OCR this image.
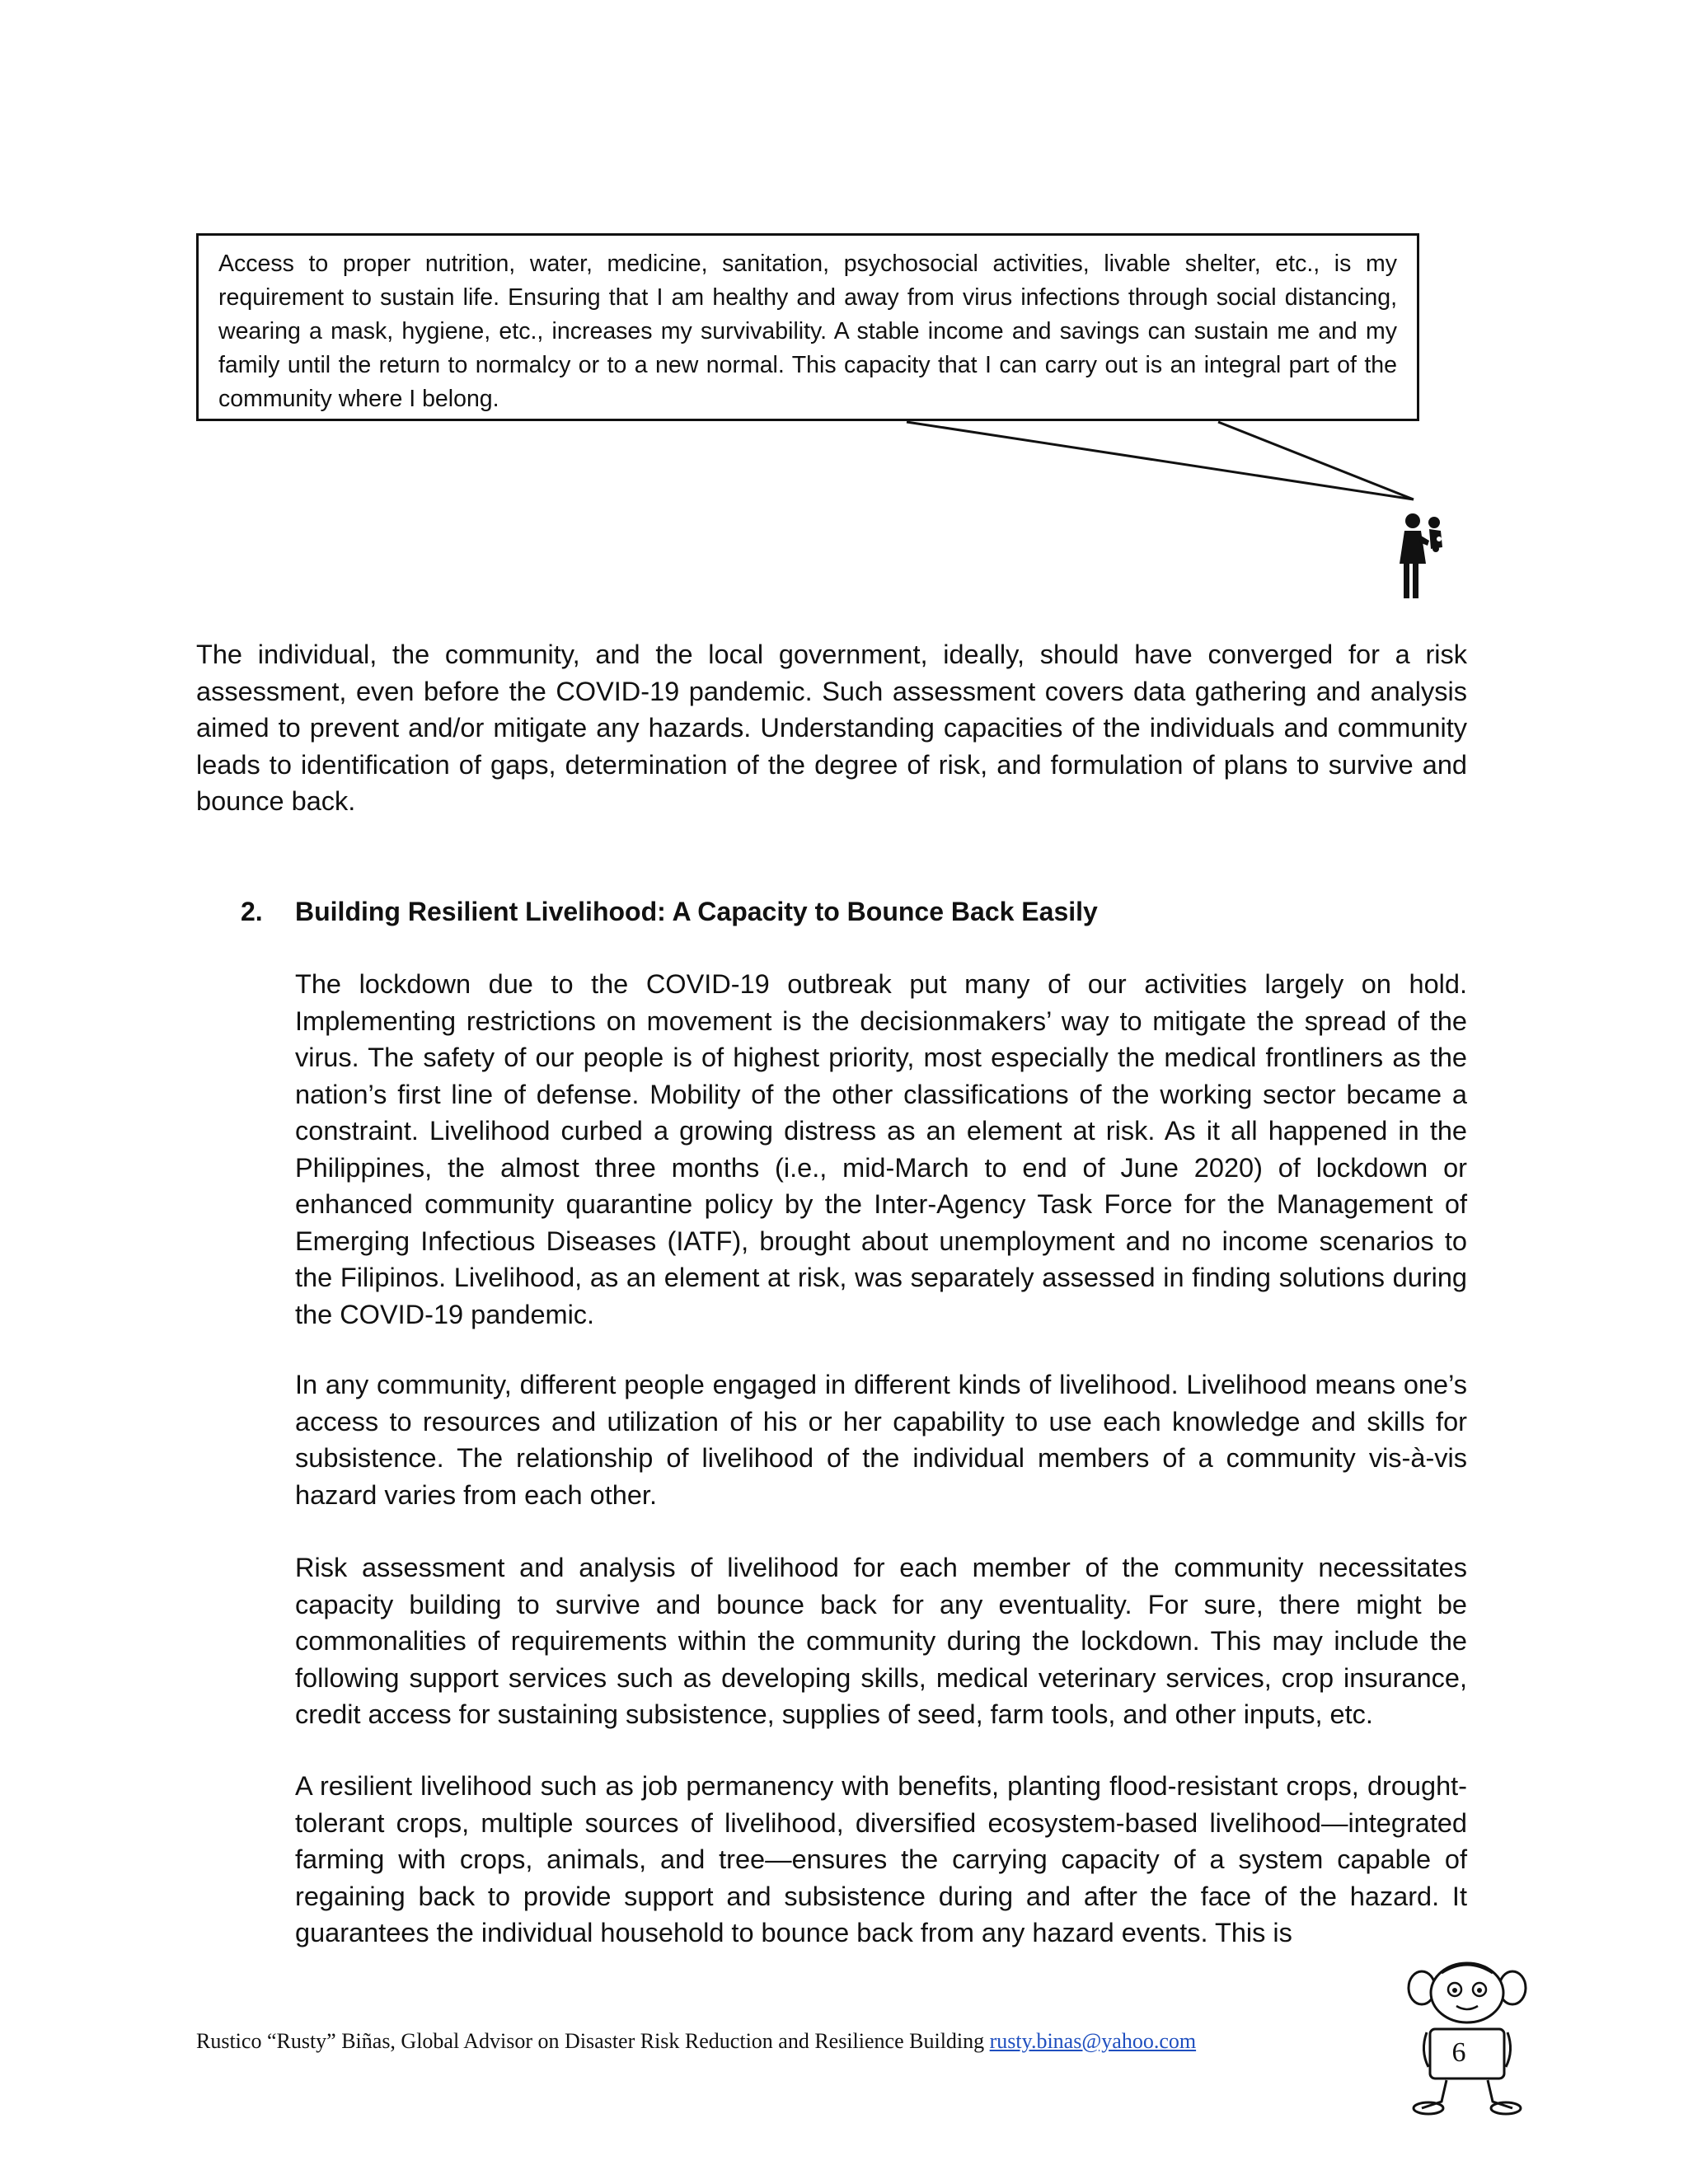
Access to proper nutrition, water, medicine, sanitation, psychosocial activities, livable shelter, etc., is my requirement to sustain life. Ensuring that I am healthy and away from virus infections through social distancing, wearing a mask, hygiene, etc., increases my survivability. A stable income and savings can sustain me and my family until the return to normalcy or to a new normal. This capacity that I can carry out is an integral part of the community where I belong.
The individual, the community, and the local government, ideally, should have converged for a risk assessment, even before the COVID-19 pandemic. Such assessment covers data gathering and analysis aimed to prevent and/or mitigate any hazards. Understanding capacities of the individuals and community leads to identification of gaps, determination of the degree of risk, and formulation of plans to survive and bounce back.
2. Building Resilient Livelihood: A Capacity to Bounce Back Easily
The lockdown due to the COVID-19 outbreak put many of our activities largely on hold. Implementing restrictions on movement is the decisionmakers’ way to mitigate the spread of the virus. The safety of our people is of highest priority, most especially the medical frontliners as the nation’s first line of defense. Mobility of the other classifications of the working sector became a constraint. Livelihood curbed a growing distress as an element at risk. As it all happened in the Philippines, the almost three months (i.e., mid-March to end of June 2020) of lockdown or enhanced community quarantine policy by the Inter-Agency Task Force for the Management of Emerging Infectious Diseases (IATF), brought about unemployment and no income scenarios to the Filipinos. Livelihood, as an element at risk, was separately assessed in finding solutions during the COVID-19 pandemic.
In any community, different people engaged in different kinds of livelihood. Livelihood means one’s access to resources and utilization of his or her capability to use each knowledge and skills for subsistence. The relationship of livelihood of the individual members of a community vis-à-vis hazard varies from each other.
Risk assessment and analysis of livelihood for each member of the community necessitates capacity building to survive and bounce back for any eventuality. For sure, there might be commonalities of requirements within the community during the lockdown. This may include the following support services such as developing skills, medical veterinary services, crop insurance, credit access for sustaining subsistence, supplies of seed, farm tools, and other inputs, etc.
A resilient livelihood such as job permanency with benefits, planting flood-resistant crops, drought-tolerant crops, multiple sources of livelihood, diversified ecosystem-based livelihood—integrated farming with crops, animals, and tree—ensures the carrying capacity of a system capable of regaining back to provide support and subsistence during and after the face of the hazard. It guarantees the individual household to bounce back from any hazard events. This is
Rustico “Rusty” Biñas, Global Advisor on Disaster Risk Reduction and Resilience Building rusty.binas@yahoo.com	6
